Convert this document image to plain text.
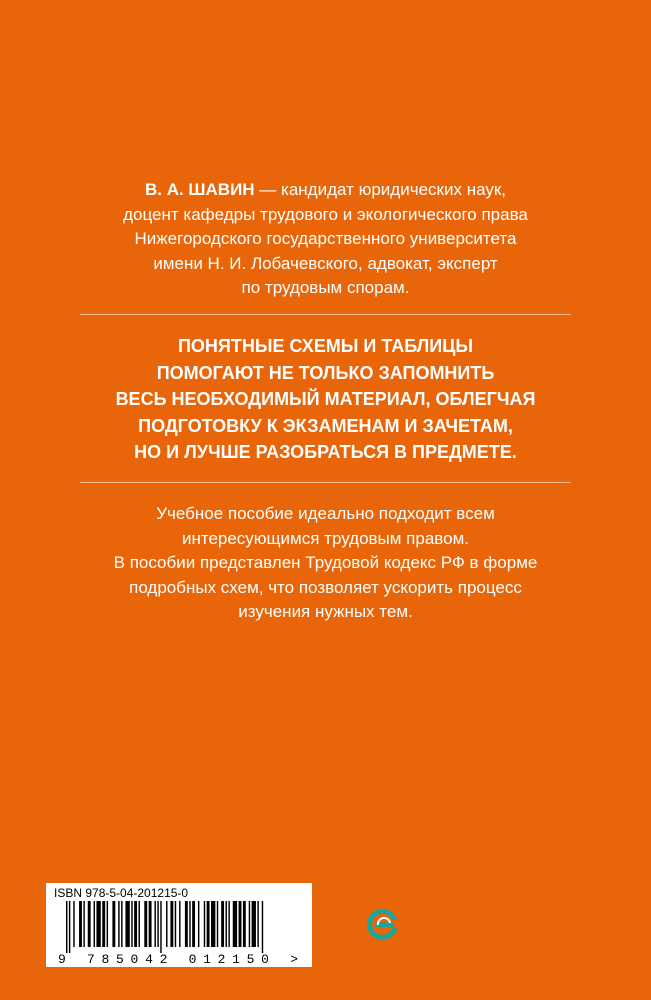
В. А. ШАВИН — кандидат юридических наук,
доцент кафедры трудового и экологического права
Нижегородского государственного университета
имени Н. И. Лобачевского, адвокат, эксперт
по трудовым спорам.
ПОНЯТНЫЕ СХЕМЫ И ТАБЛИЦЫ
ПОМОГАЮТ НЕ ТОЛЬКО ЗАПОМНИТЬ
ВЕСЬ НЕОБХОДИМЫЙ МАТЕРИАЛ, ОБЛЕГЧАЯ
ПОДГОТОВКУ К ЭКЗАМЕНАМ И ЗАЧЕТАМ,
НО И ЛУЧШЕ РАЗОБРАТЬСЯ В ПРЕДМЕТЕ.
Учебное пособие идеально подходит всем
интересующимся трудовым правом.
В пособии представлен Трудовой кодекс РФ в форме
подробных схем, что позволяет ускорить процесс
изучения нужных тем.
ISBN 978-5-04-201215-0
9 785042 012150 >
